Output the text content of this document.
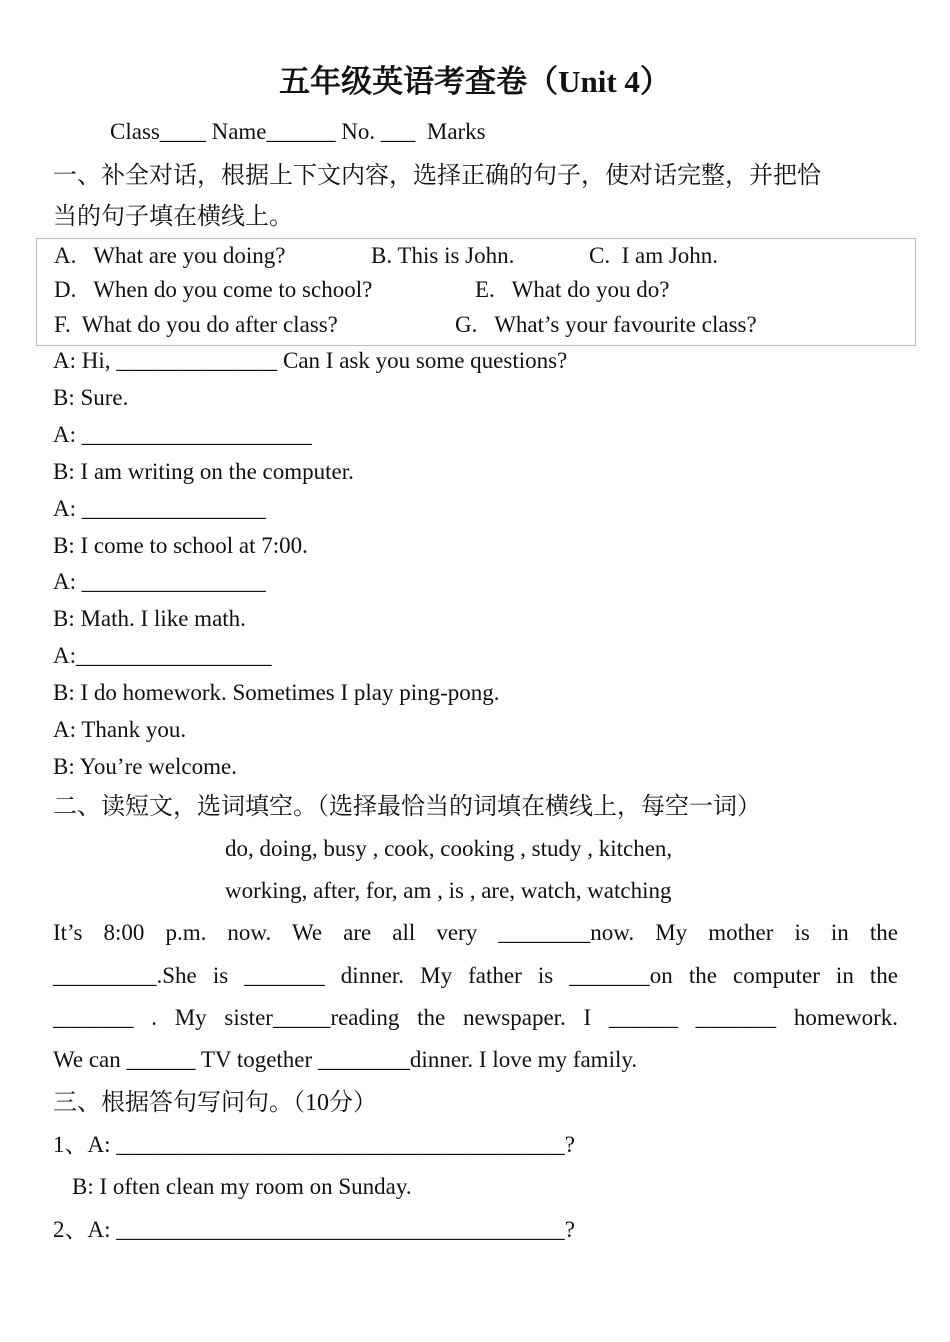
五年级英语考查卷（Unit 4）
Class____ Name______ No. ___  Marks
一、补全对话，根据上下文内容，选择正确的句子，使对话完整，并把恰
当的句子填在横线上。
A.   What are you doing?	B. This is John.	C.  I am John.
D.   When do you come to school?	E.   What do you do?
F.  What do you do after class?	G.   What’s your favourite class?
A: Hi, ______________ Can I ask you some questions?
B: Sure.
A: ____________________
B: I am writing on the computer.
A: ________________
B: I come to school at 7:00.
A: ________________
B: Math. I like math.
A:_________________
B: I do homework. Sometimes I play ping-pong.
A: Thank you.
B: You’re welcome.
二、读短文，选词填空。（选择最恰当的词填在横线上，每空一词）
do, doing, busy , cook, cooking , study , kitchen,
working, after, for, am , is , are, watch, watching
It’s 8:00 p.m. now. We are all very ________now. My mother is in the
_________.She is _______ dinner. My father is _______on the computer in the
_______ . My sister_____reading the newspaper. I ______ _______ homework.
We can ______ TV together ________dinner. I love my family.
三、根据答句写问句。（10分）
1、A: _______________________________________?
B: I often clean my room on Sunday.
2、A: _______________________________________?
